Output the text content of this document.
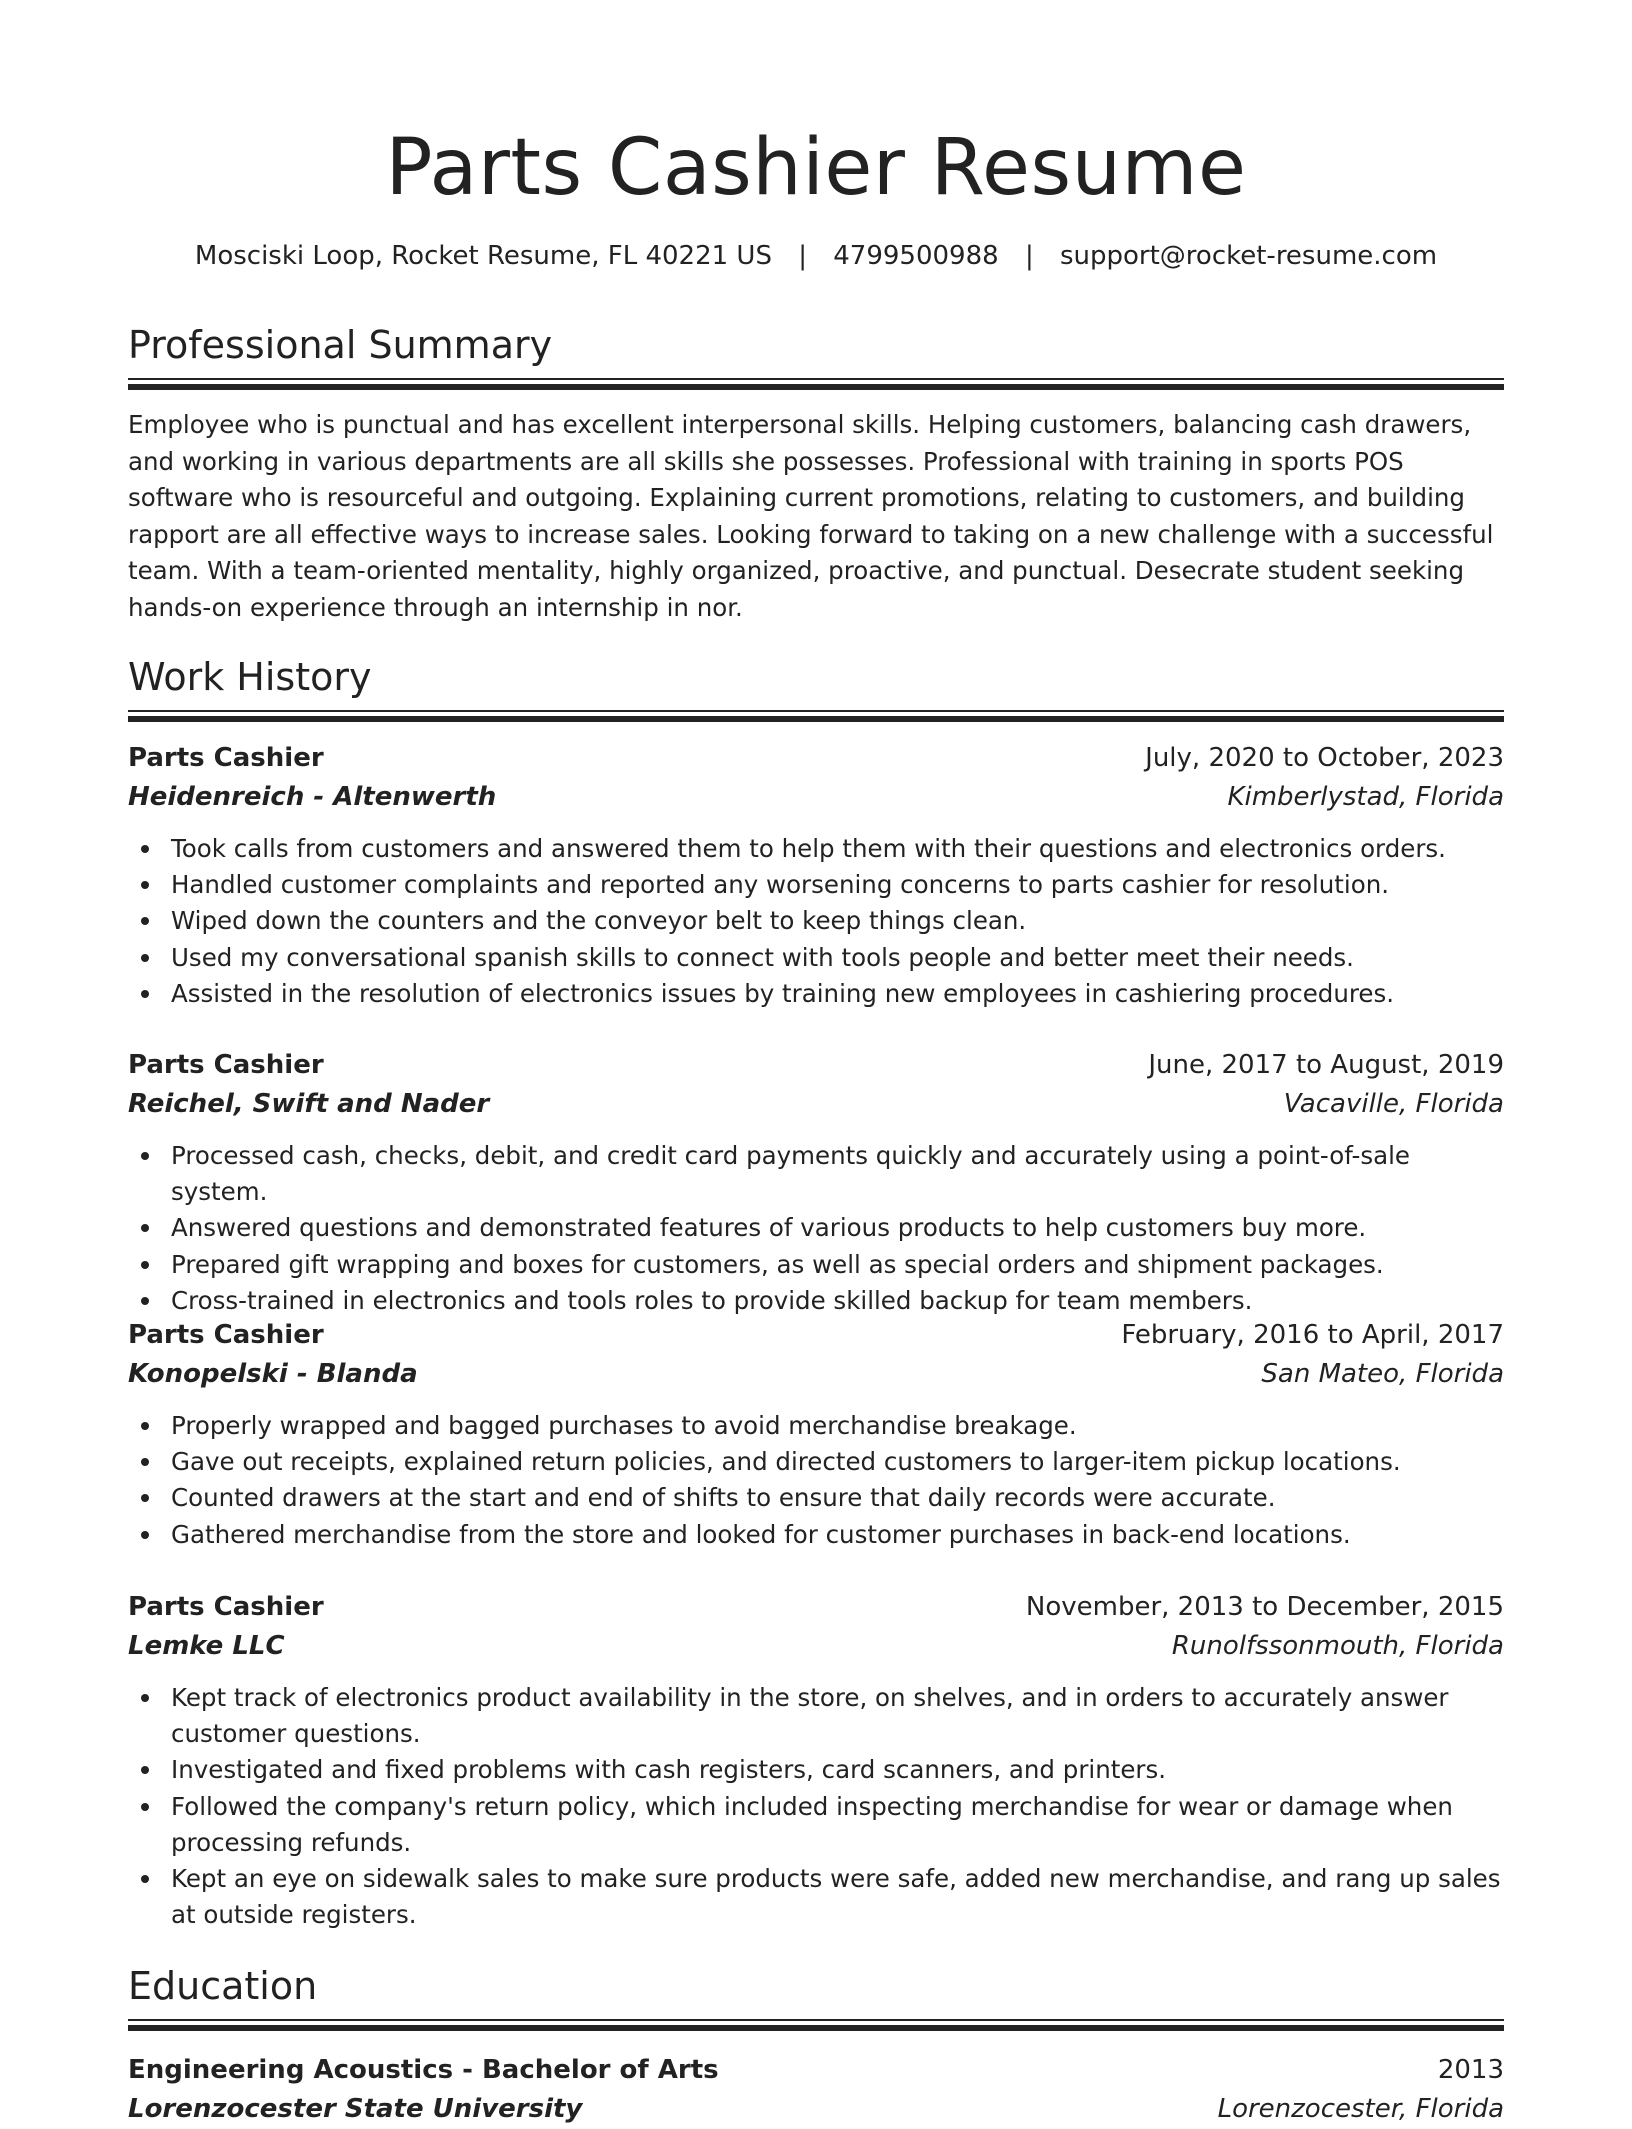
Parts Cashier Resume
Mosciski Loop, Rocket Resume, FL 40221 US | 4799500988 | support@rocket-resume.com
Professional Summary

Employee who is punctual and has excellent interpersonal skills. Helping customers, balancing cash drawers, and working in various departments are all skills she possesses. Professional with training in sports POS software who is resourceful and outgoing. Explaining current promotions, relating to customers, and building rapport are all effective ways to increase sales. Looking forward to taking on a new challenge with a successful team. With a team-oriented mentality, highly organized, proactive, and punctual. Desecrate student seeking hands-on experience through an internship in nor.

Work History
Parts Cashier	July, 2020 to October, 2023
Heidenreich - Altenwerth	Kimberlystad, Florida
Took calls from customers and answered them to help them with their questions and electronics orders.
Handled customer complaints and reported any worsening concerns to parts cashier for resolution.
Wiped down the counters and the conveyor belt to keep things clean.
Used my conversational spanish skills to connect with tools people and better meet their needs.
Assisted in the resolution of electronics issues by training new employees in cashiering procedures.
Parts Cashier	June, 2017 to August, 2019
Reichel, Swift and Nader	Vacaville, Florida
Processed cash, checks, debit, and credit card payments quickly and accurately using a point-of-sale system.
Answered questions and demonstrated features of various products to help customers buy more.
Prepared gift wrapping and boxes for customers, as well as special orders and shipment packages.
Cross-trained in electronics and tools roles to provide skilled backup for team members.
Parts Cashier	February, 2016 to April, 2017
Konopelski - Blanda	San Mateo, Florida
Properly wrapped and bagged purchases to avoid merchandise breakage.
Gave out receipts, explained return policies, and directed customers to larger-item pickup locations.
Counted drawers at the start and end of shifts to ensure that daily records were accurate.
Gathered merchandise from the store and looked for customer purchases in back-end locations.
Parts Cashier	November, 2013 to December, 2015
Lemke LLC	Runolfssonmouth, Florida
Kept track of electronics product availability in the store, on shelves, and in orders to accurately answer customer questions.
Investigated and fixed problems with cash registers, card scanners, and printers.
Followed the company's return policy, which included inspecting merchandise for wear or damage when processing refunds.
Kept an eye on sidewalk sales to make sure products were safe, added new merchandise, and rang up sales at outside registers.
Education
Engineering Acoustics - Bachelor of Arts	2013
Lorenzocester State University	Lorenzocester, Florida
